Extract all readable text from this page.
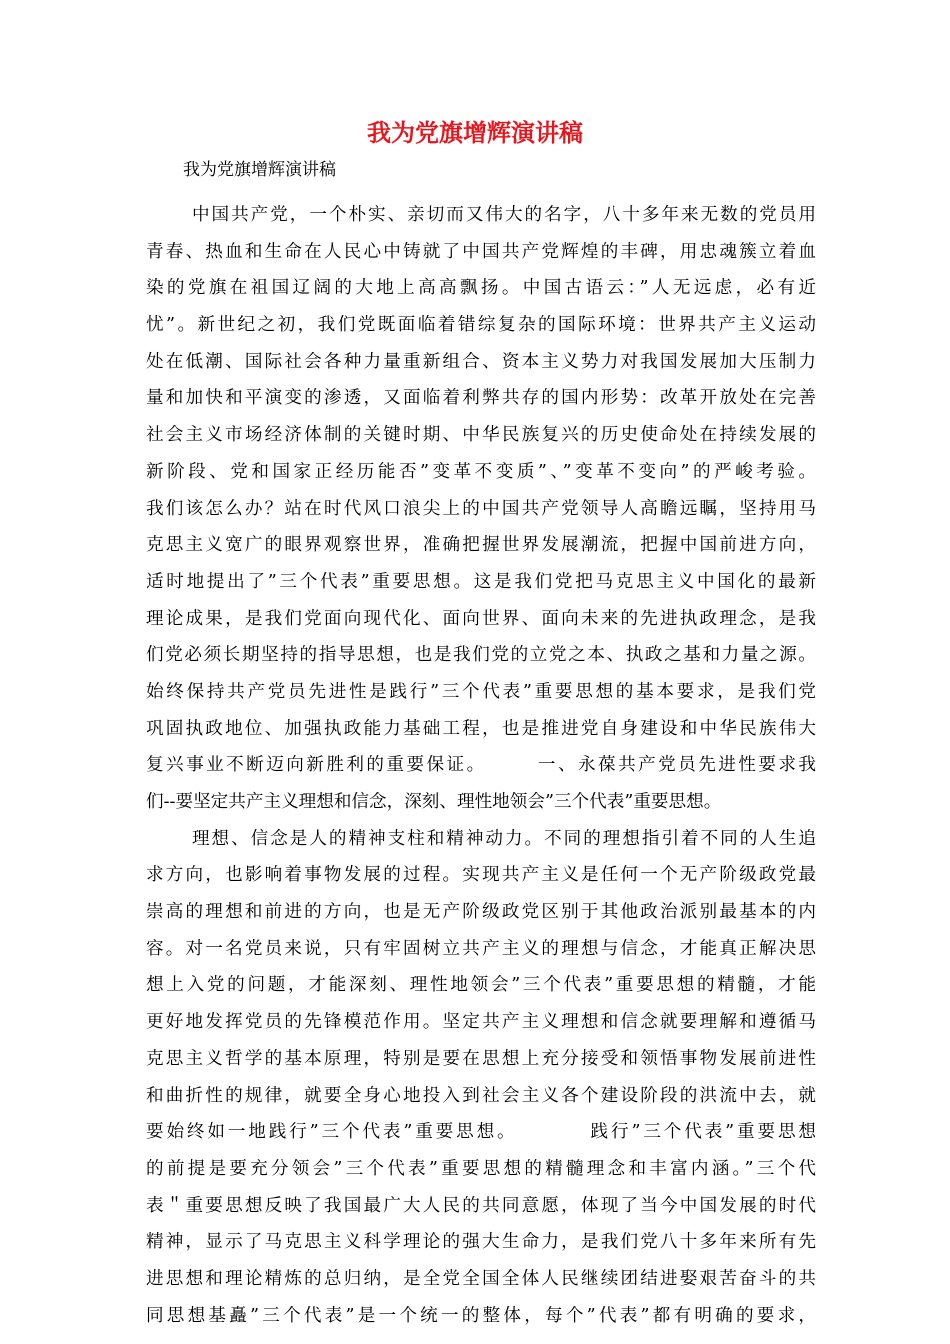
我为党旗增辉演讲稿
我为党旗增辉演讲稿
中国共产党，一个朴实、亲切而又伟大的名字，八十多年来无数的党员用
青春、热血和生命在人民心中铸就了中国共产党辉煌的丰碑，用忠魂簇立着血
染的党旗在祖国辽阔的大地上高高飘扬。中国古语云：”人无远虑，必有近
忧”。新世纪之初，我们党既面临着错综复杂的国际环境：世界共产主义运动
处在低潮、国际社会各种力量重新组合、资本主义势力对我国发展加大压制力
量和加快和平演变的渗透，又面临着利弊共存的国内形势：改革开放处在完善
社会主义市场经济体制的关键时期、中华民族复兴的历史使命处在持续发展的
新阶段、党和国家正经历能否”变革不变质”、”变革不变向”的严峻考验。
我们该怎么办？站在时代风口浪尖上的中国共产党领导人高瞻远瞩，坚持用马
克思主义宽广的眼界观察世界，准确把握世界发展潮流，把握中国前进方向，
适时地提出了”三个代表”重要思想。这是我们党把马克思主义中国化的最新
理论成果，是我们党面向现代化、面向世界、面向未来的先进执政理念，是我
们党必须长期坚持的指导思想，也是我们党的立党之本、执政之基和力量之源。
始终保持共产党员先进性是践行”三个代表”重要思想的基本要求，是我们党
巩固执政地位、加强执政能力基础工程，也是推进党自身建设和中华民族伟大
复兴事业不断迈向新胜利的重要保证。　　　一、永葆共产党员先进性要求我
们--要坚定共产主义理想和信念，深刻、理性地领会”三个代表”重要思想。
理想、信念是人的精神支柱和精神动力。不同的理想指引着不同的人生追
求方向，也影响着事物发展的过程。实现共产主义是任何一个无产阶级政党最
崇高的理想和前进的方向，也是无产阶级政党区别于其他政治派别最基本的内
容。对一名党员来说，只有牢固树立共产主义的理想与信念，才能真正解决思
想上入党的问题，才能深刻、理性地领会”三个代表”重要思想的精髓，才能
更好地发挥党员的先锋模范作用。坚定共产主义理想和信念就要理解和遵循马
克思主义哲学的基本原理，特别是要在思想上充分接受和领悟事物发展前进性
和曲折性的规律，就要全身心地投入到社会主义各个建设阶段的洪流中去，就
要始终如一地践行”三个代表”重要思想。　　　　践行”三个代表”重要思想
的前提是要充分领会”三个代表”重要思想的精髓理念和丰富内涵。”三个代
表＂重要思想反映了我国最广大人民的共同意愿，体现了当今中国发展的时代
精神，显示了马克思主义科学理论的强大生命力，是我们党八十多年来所有先
进思想和理论精炼的总归纳，是全党全国全体人民继续团结进娶艰苦奋斗的共
同思想基矗”三个代表”是一个统一的整体，每个”代表”都有明确的要求，
